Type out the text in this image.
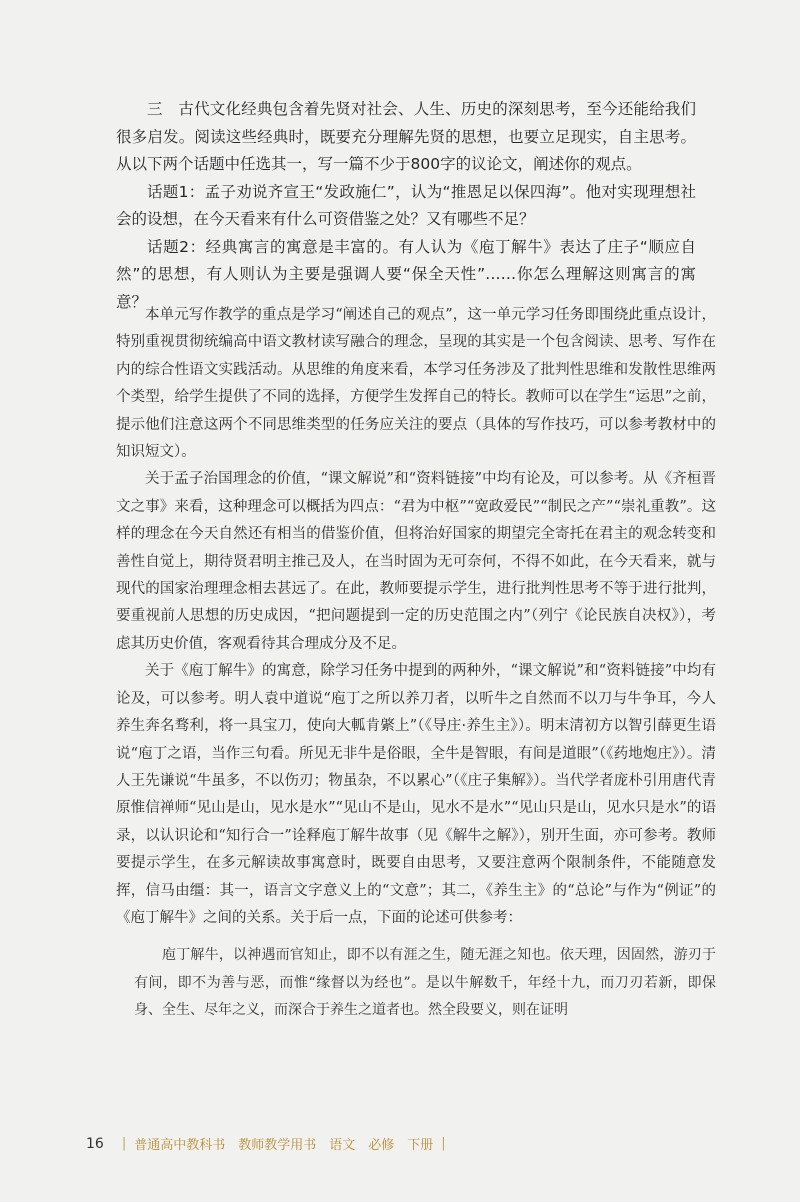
三　古代文化经典包含着先贤对社会、人生、历史的深刻思考，至今还能给我们很多启发。阅读这些经典时，既要充分理解先贤的思想，也要立足现实，自主思考。从以下两个话题中任选其一，写一篇不少于800字的议论文，阐述你的观点。

话题1：孟子劝说齐宣王“发政施仁”，认为“推恩足以保四海”。他对实现理想社会的设想，在今天看来有什么可资借鉴之处？又有哪些不足？

话题2：经典寓言的寓意是丰富的。有人认为《庖丁解牛》表达了庄子“顺应自然”的思想，有人则认为主要是强调人要“保全天性”……你怎么理解这则寓言的寓意？

本单元写作教学的重点是学习“阐述自己的观点”，这一单元学习任务即围绕此重点设计，特别重视贯彻统编高中语文教材读写融合的理念，呈现的其实是一个包含阅读、思考、写作在内的综合性语文实践活动。从思维的角度来看，本学习任务涉及了批判性思维和发散性思维两个类型，给学生提供了不同的选择，方便学生发挥自己的特长。教师可以在学生“运思”之前，提示他们注意这两个不同思维类型的任务应关注的要点（具体的写作技巧，可以参考教材中的知识短文）。

关于孟子治国理念的价值，“课文解说”和“资料链接”中均有论及，可以参考。从《齐桓晋文之事》来看，这种理念可以概括为四点：“君为中枢”“宽政爱民”“制民之产”“崇礼重教”。这样的理念在今天自然还有相当的借鉴价值，但将治好国家的期望完全寄托在君主的观念转变和善性自觉上，期待贤君明主推己及人，在当时固为无可奈何，不得不如此，在今天看来，就与现代的国家治理理念相去甚远了。在此，教师要提示学生，进行批判性思考不等于进行批判，要重视前人思想的历史成因，“把问题提到一定的历史范围之内”（列宁《论民族自决权》），考虑其历史价值，客观看待其合理成分及不足。

关于《庖丁解牛》的寓意，除学习任务中提到的两种外，“课文解说”和“资料链接”中均有论及，可以参考。明人袁中道说“庖丁之所以养刀者，以听牛之自然而不以刀与牛争耳，今人养生奔名骛利，将一具宝刀，使向大軱肯綮上”（《导庄·养生主》）。明末清初方以智引薛更生语说“庖丁之语，当作三句看。所见无非牛是俗眼，全牛是智眼，有间是道眼”（《药地炮庄》）。清人王先谦说“牛虽多，不以伤刃；物虽杂，不以累心”（《庄子集解》）。当代学者庞朴引用唐代青原惟信禅师“见山是山，见水是水”“见山不是山，见水不是水”“见山只是山，见水只是水”的语录，以认识论和“知行合一”诠释庖丁解牛故事（见《解牛之解》），别开生面，亦可参考。教师要提示学生，在多元解读故事寓意时，既要自由思考，又要注意两个限制条件，不能随意发挥，信马由缰：其一，语言文字意义上的“文意”；其二，《养生主》的“总论”与作为“例证”的《庖丁解牛》之间的关系。关于后一点，下面的论述可供参考：

庖丁解牛，以神遇而官知止，即不以有涯之生，随无涯之知也。依天理，因固然，游刃于有间，即不为善与恶，而惟“缘督以为经也”。是以牛解数千，年经十九，而刀刃若新，即保身、全生、尽年之义，而深合于养生之道者也。然全段要义，则在证明

16 | 普通高中教科书　教师教学用书　语文　必修　下册 |
